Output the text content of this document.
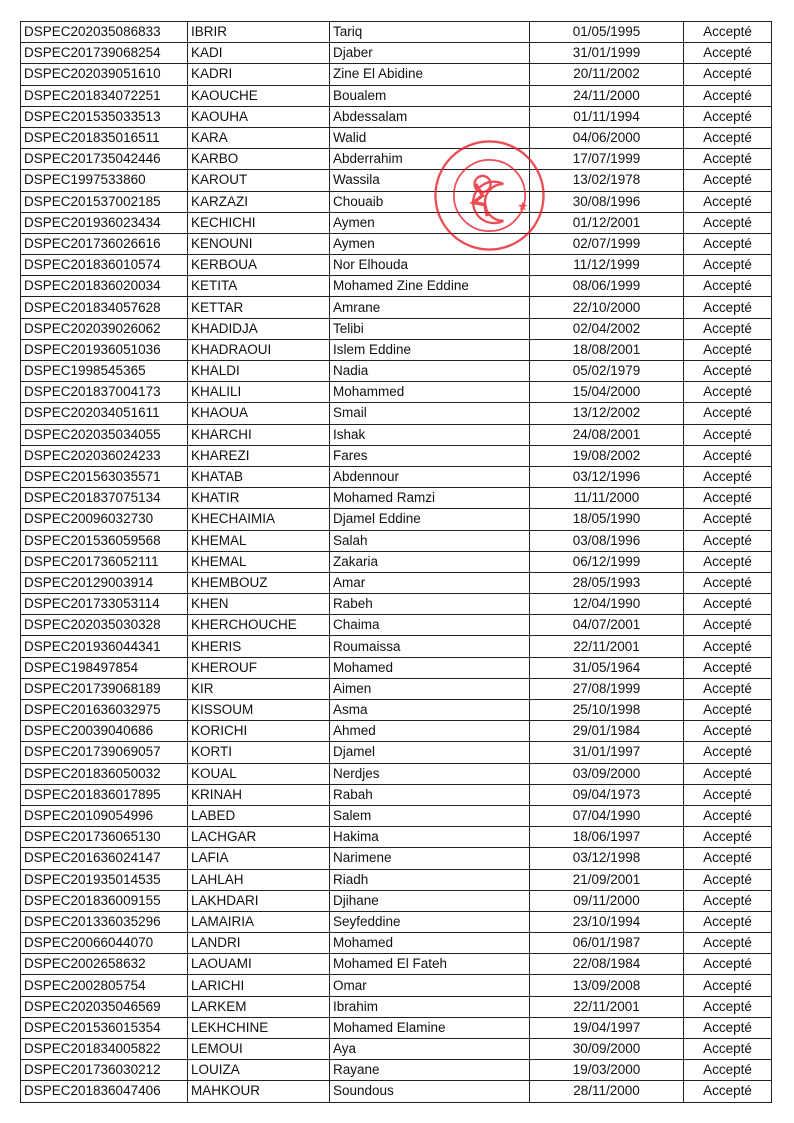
DSPEC202035086833	IBRIR	Tariq	01/05/1995	Accepté
DSPEC201739068254	KADI	Djaber	31/01/1999	Accepté
DSPEC202039051610	KADRI	Zine El Abidine	20/11/2002	Accepté
DSPEC201834072251	KAOUCHE	Boualem	24/11/2000	Accepté
DSPEC201535033513	KAOUHA	Abdessalam	01/11/1994	Accepté
DSPEC201835016511	KARA	Walid	04/06/2000	Accepté
DSPEC201735042446	KARBO	Abderrahim	17/07/1999	Accepté
DSPEC1997533860	KAROUT	Wassila	13/02/1978	Accepté
DSPEC201537002185	KARZAZI	Chouaib	30/08/1996	Accepté
DSPEC201936023434	KECHICHI	Aymen	01/12/2001	Accepté
DSPEC201736026616	KENOUNI	Aymen	02/07/1999	Accepté
DSPEC201836010574	KERBOUA	Nor Elhouda	11/12/1999	Accepté
DSPEC201836020034	KETITA	Mohamed Zine Eddine	08/06/1999	Accepté
DSPEC201834057628	KETTAR	Amrane	22/10/2000	Accepté
DSPEC202039026062	KHADIDJA	Telibi	02/04/2002	Accepté
DSPEC201936051036	KHADRAOUI	Islem Eddine	18/08/2001	Accepté
DSPEC1998545365	KHALDI	Nadia	05/02/1979	Accepté
DSPEC201837004173	KHALILI	Mohammed	15/04/2000	Accepté
DSPEC202034051611	KHAOUA	Smail	13/12/2002	Accepté
DSPEC202035034055	KHARCHI	Ishak	24/08/2001	Accepté
DSPEC202036024233	KHAREZI	Fares	19/08/2002	Accepté
DSPEC201563035571	KHATAB	Abdennour	03/12/1996	Accepté
DSPEC201837075134	KHATIR	Mohamed Ramzi	11/11/2000	Accepté
DSPEC20096032730	KHECHAIMIA	Djamel Eddine	18/05/1990	Accepté
DSPEC201536059568	KHEMAL	Salah	03/08/1996	Accepté
DSPEC201736052111	KHEMAL	Zakaria	06/12/1999	Accepté
DSPEC20129003914	KHEMBOUZ	Amar	28/05/1993	Accepté
DSPEC201733053114	KHEN	Rabeh	12/04/1990	Accepté
DSPEC202035030328	KHERCHOUCHE	Chaima	04/07/2001	Accepté
DSPEC201936044341	KHERIS	Roumaissa	22/11/2001	Accepté
DSPEC198497854	KHEROUF	Mohamed	31/05/1964	Accepté
DSPEC201739068189	KIR	Aimen	27/08/1999	Accepté
DSPEC201636032975	KISSOUM	Asma	25/10/1998	Accepté
DSPEC20039040686	KORICHI	Ahmed	29/01/1984	Accepté
DSPEC201739069057	KORTI	Djamel	31/01/1997	Accepté
DSPEC201836050032	KOUAL	Nerdjes	03/09/2000	Accepté
DSPEC201836017895	KRINAH	Rabah	09/04/1973	Accepté
DSPEC20109054996	LABED	Salem	07/04/1990	Accepté
DSPEC201736065130	LACHGAR	Hakima	18/06/1997	Accepté
DSPEC201636024147	LAFIA	Narimene	03/12/1998	Accepté
DSPEC201935014535	LAHLAH	Riadh	21/09/2001	Accepté
DSPEC201836009155	LAKHDARI	Djihane	09/11/2000	Accepté
DSPEC201336035296	LAMAIRIA	Seyfeddine	23/10/1994	Accepté
DSPEC20066044070	LANDRI	Mohamed	06/01/1987	Accepté
DSPEC2002658632	LAOUAMI	Mohamed El Fateh	22/08/1984	Accepté
DSPEC2002805754	LARICHI	Omar	13/09/2008	Accepté
DSPEC202035046569	LARKEM	Ibrahim	22/11/2001	Accepté
DSPEC201536015354	LEKHCHINE	Mohamed Elamine	19/04/1997	Accepté
DSPEC201834005822	LEMOUI	Aya	30/09/2000	Accepté
DSPEC201736030212	LOUIZA	Rayane	19/03/2000	Accepté
DSPEC201836047406	MAHKOUR	Soundous	28/11/2000	Accepté
★
